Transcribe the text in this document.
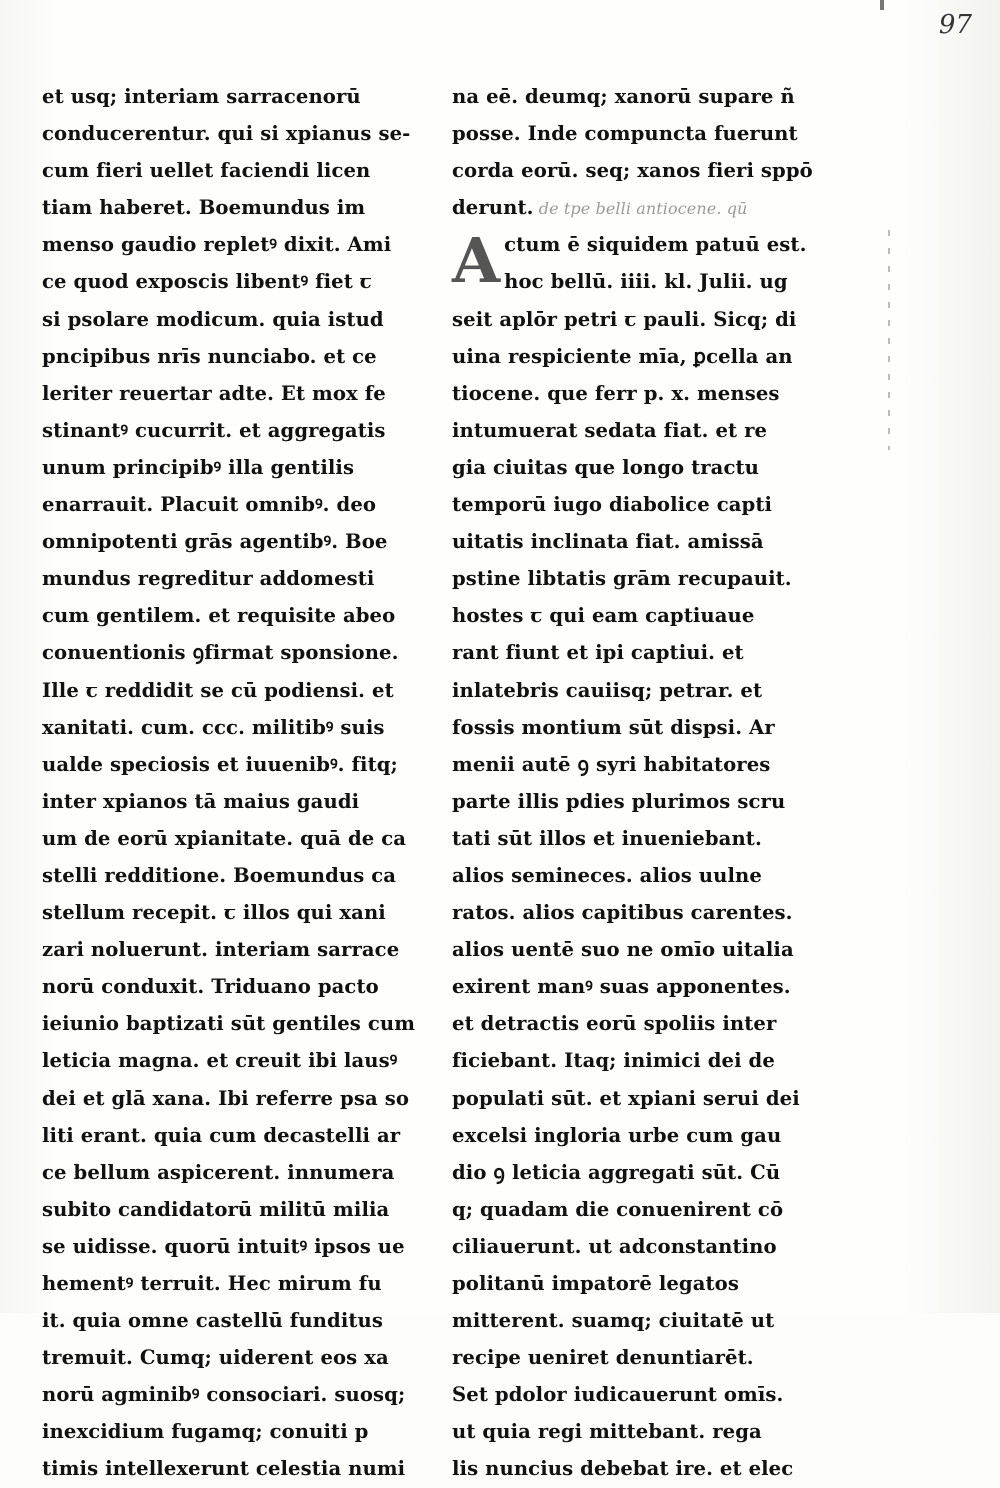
97
et usq; interiam sarracenorū
conducerentur. qui si xpianus se-
cum fieri uellet faciendi licen
tiam haberet. Boemundus im
menso gaudio repletꝰ dixit. Ami
ce quod exposcis libentꝰ fiet ꞇ
si psolare modicum. quia istud
pncipibus nrīs nunciabo. et ce
leriter reuertar adte. Et mox fe
stinantꝰ cucurrit. et aggregatis
unum principibꝰ illa gentilis
enarrauit. Placuit omnibꝰ. deo
omnipotenti grās agentibꝰ. Boe
mundus regreditur addomesti
cum gentilem. et requisite abeo
conuentionis ꝯfirmat sponsione.
Ille ꞇ reddidit se cū podiensi. et
xanitati. cum. ccc. militibꝰ suis
ualde speciosis et iuuenibꝰ. fitq;
inter xpianos tā maius gaudi
um de eorū xpianitate. quā de ca
stelli redditione. Boemundus ca
stellum recepit. ꞇ illos qui xani
zari noluerunt. interiam sarrace
norū conduxit. Triduano pacto
ieiunio baptizati sūt gentiles cum
leticia magna. et creuit ibi lausꝰ
dei et glā xana. Ibi referre psa so
liti erant. quia cum decastelli ar
ce bellum aspicerent. innumera
subito candidatorū militū milia
se uidisse. quorū intuitꝰ ipsos ue
hementꝰ terruit. Hec mirum fu
it. quia omne castellū funditus
tremuit. Cumq; uiderent eos xa
norū agminibꝰ consociari. suosq;
inexcidium fugamq; conuiti p
timis intellexerunt celestia numi
na eē. deumq; xanorū supare ñ
posse. Inde compuncta fuerunt
corda eorū. seq; xanos fieri sppō
derunt. de tpe belli antiocene. qū
A ctum ē siquidem patuū est.
hoc bellū. iiii. kl. Julii. ug
seit aplōr petri ꞇ pauli. Sicq; di
uina respiciente mīa, ꝑcella an
tiocene. que ferr p. x. menses
intumuerat sedata fiat. et re
gia ciuitas que longo tractu
temporū iugo diabolice capti
uitatis inclinata fiat. amissā
pstine libtatis grām recupauit.
hostes ꞇ qui eam captiuaue
rant fiunt et ipi captiui. et
inlatebris cauiisq; petrar. et
fossis montium sūt dispsi. Ar
menii autē ꝯ syri habitatores
parte illis pdies plurimos scru
tati sūt illos et inueniebant.
alios semineces. alios uulne
ratos. alios capitibus carentes.
alios uentē suo ne omīo uitalia
exirent manꝰ suas apponentes.
et detractis eorū spoliis inter
ficiebant. Itaq; inimici dei de
populati sūt. et xpiani serui dei
excelsi ingloria urbe cum gau
dio ꝯ leticia aggregati sūt. Cū
q; quadam die conuenirent cō
ciliauerunt. ut adconstantino
politanū impatorē legatos
mitterent. suamq; ciuitatē ut
recipe ueniret denuntiarēt.
Set pdolor iudicauerunt omīs.
ut quia regi mittebant. rega
lis nuncius debebat ire. et elec
